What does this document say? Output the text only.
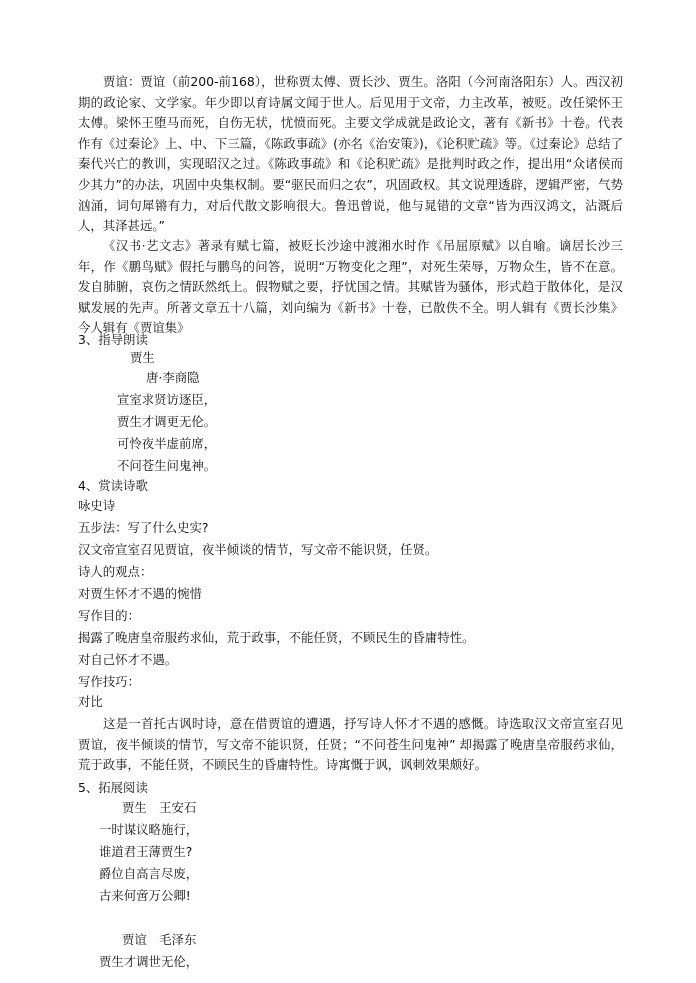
贾谊：贾谊（前200-前168），世称贾太傅、贾长沙、贾生。洛阳（今河南洛阳东）人。西汉初期的政论家、文学家。年少即以育诗属文闻于世人。后见用于文帝，力主改革，被贬。改任梁怀王太傅。梁怀王堕马而死，自伤无状，忧愤而死。主要文学成就是政论文，著有《新书》十卷。代表作有《过秦论》上、中、下三篇，《陈政事疏》(亦名《治安策》)，《论积贮疏》等。《过秦论》总结了秦代兴亡的教训，实现昭汉之过。《陈政事疏》和《论积贮疏》是批判时政之作，提出用“众诸侯而少其力”的办法，巩固中央集权制。要“驱民而归之农”，巩固政权。其文说理透辟，逻辑严密，气势汹涌，词句犀锵有力，对后代散文影响很大。鲁迅曾说，他与晁错的文章“皆为西汉鸿文，沾溉后人，其泽甚远。”

《汉书·艺文志》著录有赋七篇，被贬长沙途中渡湘水时作《吊屈原赋》以自喻。谪居长沙三年，作《鹏鸟赋》假托与鹏鸟的问答，说明“万物变化之理”，对死生荣辱，万物众生，皆不在意。发自肺腑，哀伤之情跃然纸上。假物赋之要，抒忧国之情。其赋皆为骚体，形式趋于散体化，是汉赋发展的先声。所著文章五十八篇，刘向编为《新书》十卷，已散佚不全。明人辑有《贾长沙集》今人辑有《贾谊集》

3、指导朗读

贾生

唐·李商隐

宣室求贤访逐臣，

贾生才调更无伦。

可怜夜半虚前席，

不问苍生问鬼神。

4、赏读诗歌

咏史诗

五步法：写了什么史实?

汉文帝宣室召见贾谊，夜半倾谈的情节，写文帝不能识贤，任贤。

诗人的观点：

对贾生怀才不遇的惋惜

写作目的：

揭露了晚唐皇帝服药求仙，荒于政事，不能任贤，不顾民生的昏庸特性。

对自己怀才不遇。

写作技巧：

对比

这是一首托古讽时诗，意在借贾谊的遭遇，抒写诗人怀才不遇的感慨。诗选取汉文帝宣室召见贾谊，夜半倾谈的情节，写文帝不能识贤，任贤；“不问苍生问鬼神” 却揭露了晚唐皇帝服药求仙，荒于政事，不能任贤，不顾民生的昏庸特性。诗寓慨于讽，讽刺效果颇好。

5、拓展阅读

贾生　王安石

一时谋议略施行，

谁道君王薄贾生?

爵位自高言尽废，

古来何啻万公卿!

贾谊　毛泽东

贾生才调世无伦，
